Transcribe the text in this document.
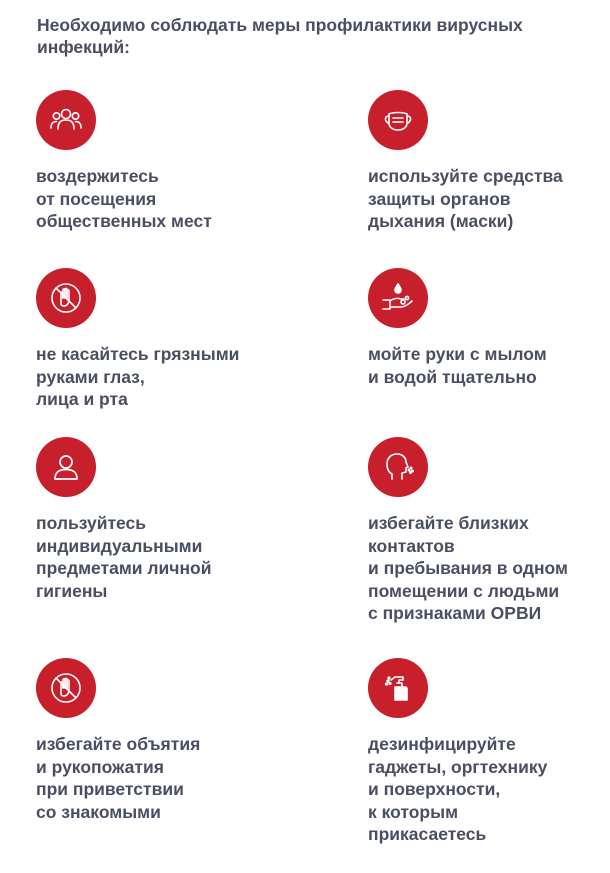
Необходимо соблюдать меры профилактики вирусных инфекций:
воздержитесь
от посещения
общественных мест
используйте средства
защиты органов
дыхания (маски)
не касайтесь грязными
руками глаз,
лица и рта
мойте руки с мылом
и водой тщательно
пользуйтесь
индивидуальными
предметами личной
гигиены
избегайте близких
контактов
и пребывания в одном
помещении с людьми
с признаками ОРВИ
избегайте объятия
и рукопожатия
при приветствии
со знакомыми
дезинфицируйте
гаджеты, оргтехнику
и поверхности,
к которым
прикасаетесь
